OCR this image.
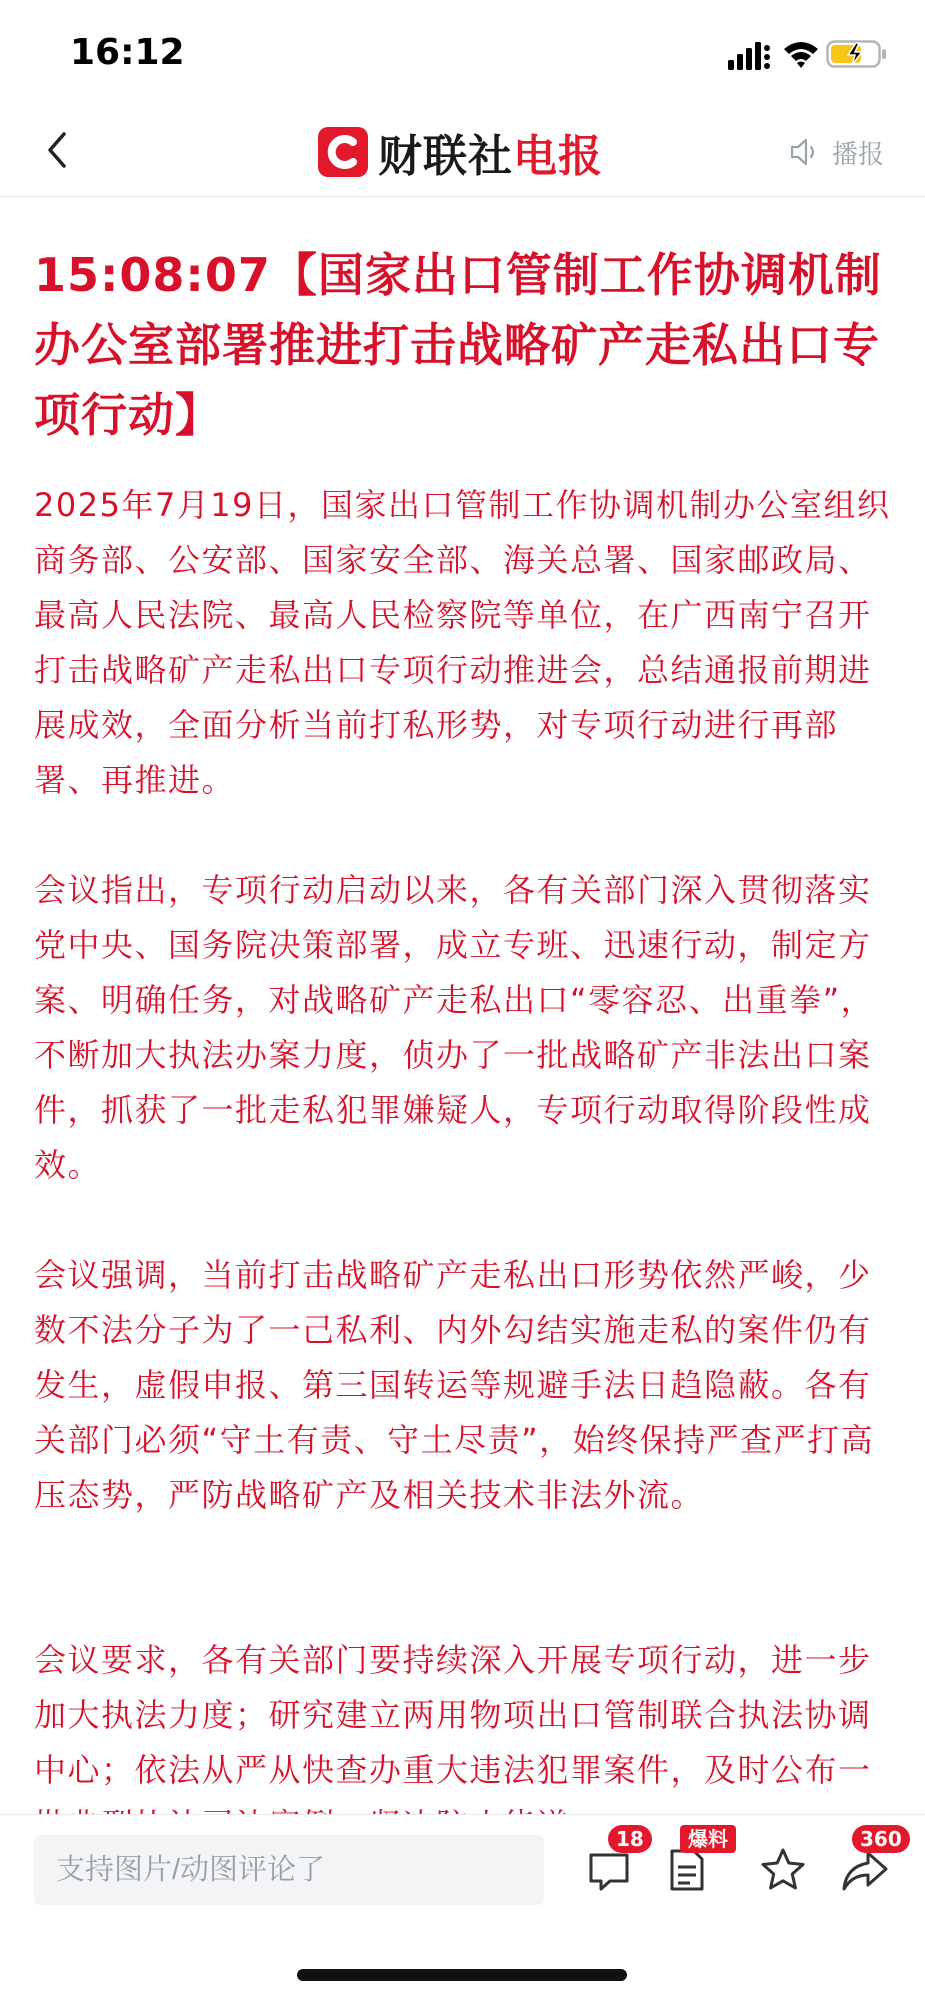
16:12
财联社 电报	播报
15:08:07【国家出口管制工作协调机制办公室部署推进打击战略矿产走私出口专项行动】

2025年7月19日，国家出口管制工作协调机制办公室组织商务部、公安部、国家安全部、海关总署、国家邮政局、最高人民法院、最高人民检察院等单位，在广西南宁召开打击战略矿产走私出口专项行动推进会，总结通报前期进展成效，全面分析当前打私形势，对专项行动进行再部署、再推进。

会议指出，专项行动启动以来，各有关部门深入贯彻落实党中央、国务院决策部署，成立专班、迅速行动，制定方案、明确任务，对战略矿产走私出口“零容忍、出重拳”，不断加大执法办案力度，侦办了一批战略矿产非法出口案件，抓获了一批走私犯罪嫌疑人，专项行动取得阶段性成效。

会议强调，当前打击战略矿产走私出口形势依然严峻，少数不法分子为了一己私利、内外勾结实施走私的案件仍有发生，虚假申报、第三国转运等规避手法日趋隐蔽。各有关部门必须“守土有责、守土尽责”，始终保持严查严打高压态势，严防战略矿产及相关技术非法外流。

会议要求，各有关部门要持续深入开展专项行动，进一步加大执法力度；研究建立两用物项出口管制联合执法协调中心；依法从严从快查办重大违法犯罪案件，及时公布一

支持图片/动图评论了
18	爆料	360
